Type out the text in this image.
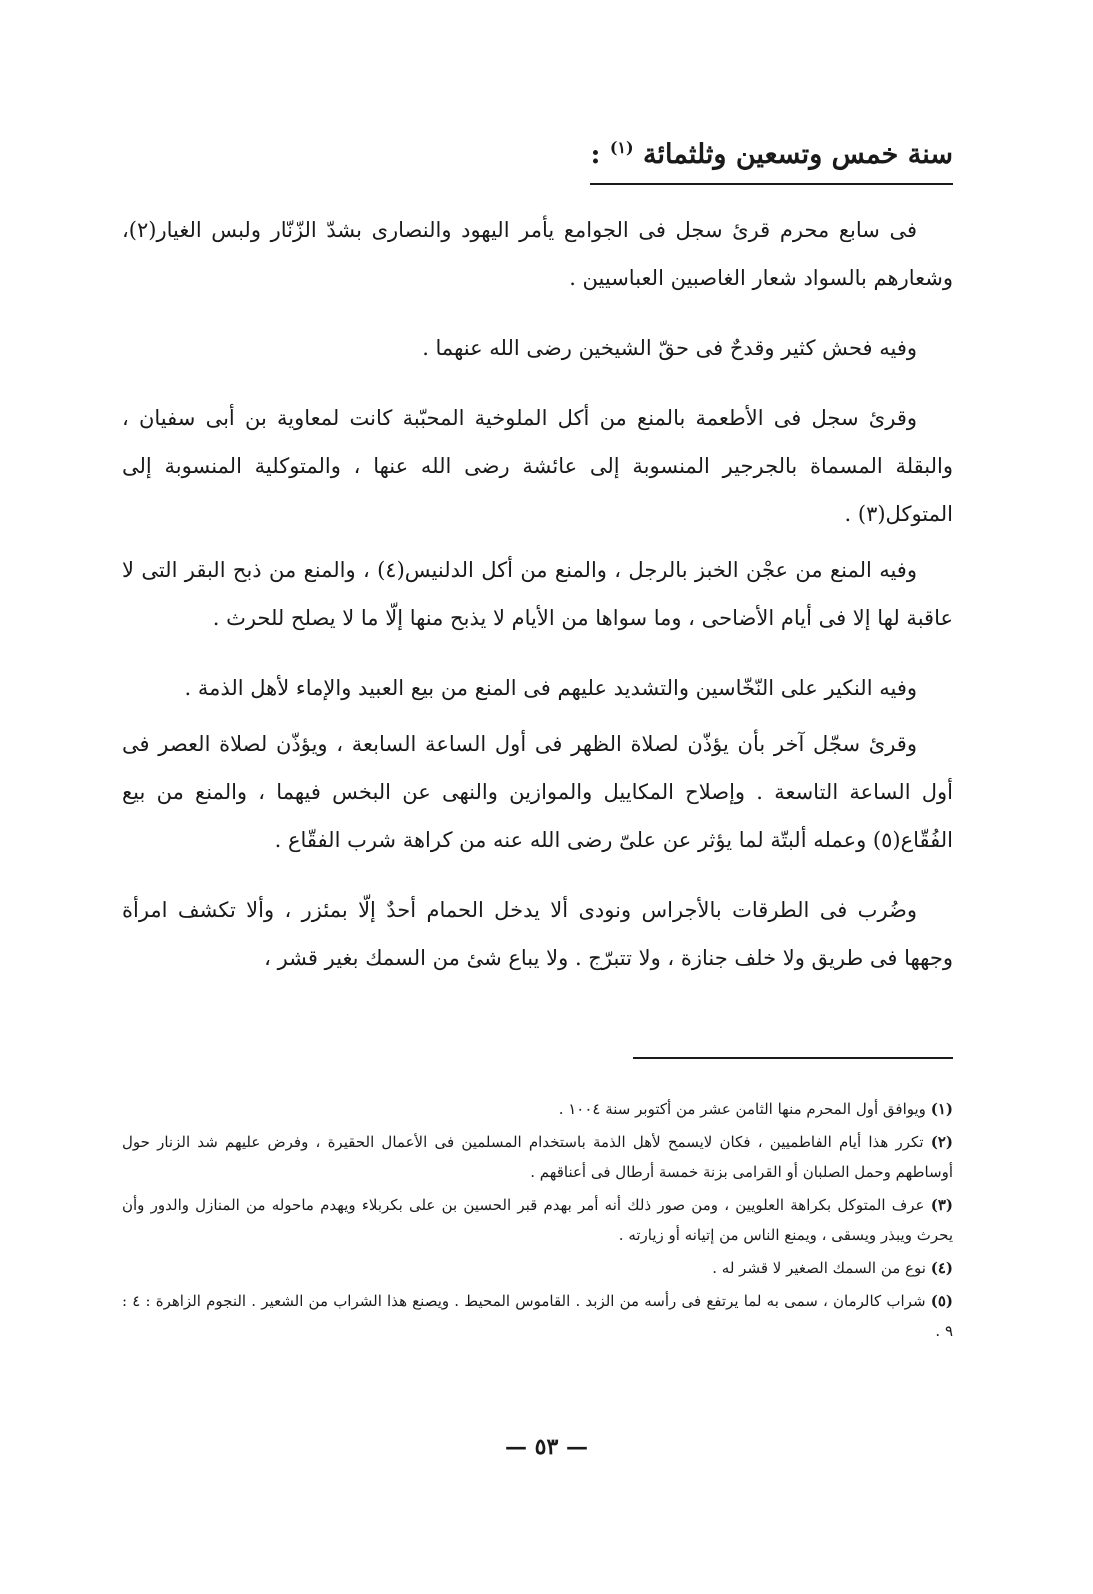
سنة خمس وتسعين وثلثمائة $^{(١)}$ :

فى سابع محرم قرئ سجل فى الجوامع يأمر اليهود والنصارى بشدّ الزّنّار ولبس الغيار(٢)، وشعارهم بالسواد شعار الغاصبين العباسيين .

وفيه فحش كثير وقدحٌ فى حقّ الشيخين رضى الله عنهما .

وقرئ سجل فى الأطعمة بالمنع من أكل الملوخية المحبّبة كانت لمعاوية بن أبى سفيان ، والبقلة المسماة بالجرجير المنسوبة إلى عائشة رضى الله عنها ، والمتوكلية المنسوبة إلى المتوكل(٣) .

وفيه المنع من عجْن الخبز بالرجل ، والمنع من أكل الدلنيس(٤) ، والمنع من ذبح البقر التى لا عاقبة لها إلا فى أيام الأضاحى ، وما سواها من الأيام لا يذبح منها إلّا ما لا يصلح للحرث .

وفيه النكير على النّخّاسين والتشديد عليهم فى المنع من بيع العبيد والإماء لأهل الذمة .

وقرئ سجّل آخر بأن يؤذّن لصلاة الظهر فى أول الساعة السابعة ، ويؤذّن لصلاة العصر فى أول الساعة التاسعة . وإصلاح المكاييل والموازين والنهى عن البخس فيهما ، والمنع من بيع الفُقّاع(٥) وعمله ألبتّة لما يؤثر عن علىّ رضى الله عنه من كراهة شرب الفقّاع .

وضُرب فى الطرقات بالأجراس ونودى ألا يدخل الحمام أحدٌ إلّا بمئزر ، وألا تكشف امرأة وجهها فى طريق ولا خلف جنازة ، ولا تتبرّج . ولا يباع شئ من السمك بغير قشر ،

(١) ويوافق أول المحرم منها الثامن عشر من أكتوبر سنة ١٠٠٤ .

(٢) تكرر هذا أيام الفاطميين ، فكان لايسمح لأهل الذمة باستخدام المسلمين فى الأعمال الحقيرة ، وفرض عليهم شد الزنار حول أوساطهم وحمل الصلبان أو القرامى بزنة خمسة أرطال فى أعناقهم .

(٣) عرف المتوكل بكراهة العلويين ، ومن صور ذلك أنه أمر بهدم قبر الحسين بن على بكربلاء ويهدم ماحوله من المنازل والدور وأن يحرث ويبذر ويسقى ، ويمنع الناس من إتيانه أو زيارته .

(٤) نوع من السمك الصغير لا قشر له .

(٥) شراب كالرمان ، سمى به لما يرتفع فى رأسه من الزبد . القاموس المحيط . ويصنع هذا الشراب من الشعير . النجوم الزاهرة : ٤ : ٩ .

— ٥٣ —
